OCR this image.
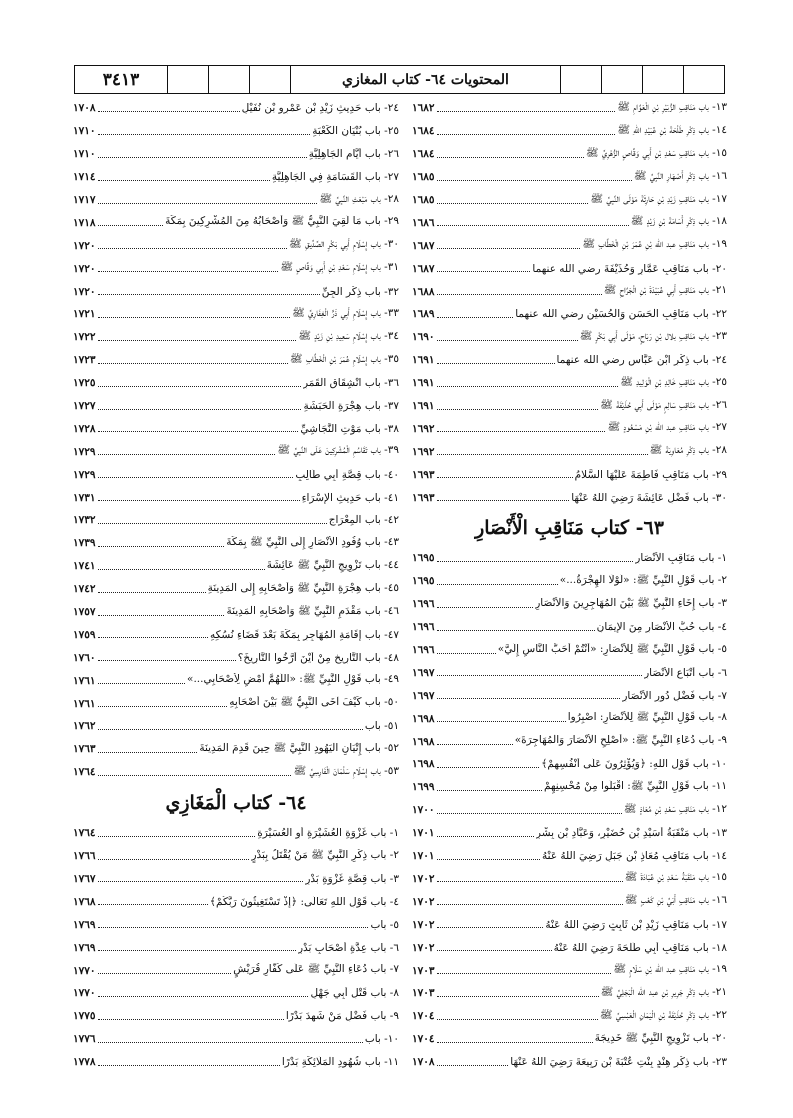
٣٤١٣	المحتويات ٦٤- كتاب المغازي
١٣- باب مَنَاقِبِ الزُّبَيْرِ بْنِ الْعَوَّامِ ﷺ
١٦٨٢
١٤- باب ذِكْرِ طَلْحَةَ بْنِ عُبَيْدِ اللهِ ﷺ
١٦٨٤
١٥- باب مَنَاقِبِ سَعْدِ بْنِ أَبِي وَقَّاصٍ الزُّهْرِيِّ ﷺ
١٦٨٤
١٦- باب ذِكْرِ أَصْهَارِ النَّبِيِّ ﷺ
١٦٨٥
١٧- باب مَنَاقِبِ زَيْدِ بْنِ حَارِثَةَ مَوْلَى النَّبِيِّ ﷺ
١٦٨٥
١٨- باب ذِكْرِ أُسَامَةَ بْنِ زَيْدٍ ﷺ
١٦٨٦
١٩- باب مَنَاقِبِ عبد الله بْنِ عُمَرَ بْنِ الْخَطَّابِ ﷺ
١٦٨٧
٢٠- باب مَنَاقِبِ عَمَّارٍ وَحُذَيْفَةَ رضي الله عنهما
١٦٨٧
٢١- باب مَنَاقِبِ أَبِي عُبَيْدَةَ بْنِ الْجَرَّاحِ ﷺ
١٦٨٨
٢٢- باب مَنَاقِبِ الْحَسَنِ وَالْحُسَيْنِ رضي الله عنهما
١٦٨٩
٢٣- باب مَنَاقِبِ بلال بْنِ رَبَاحٍ، مَوْلَى أَبِي بَكْرٍ ﷺ
١٦٩٠
٢٤- باب ذِكْرِ ابْنِ عَبَّاسٍ رضي الله عنهما
١٦٩١
٢٥- باب مَنَاقِبِ خَالِدِ بْنِ الْوَلِيدِ ﷺ
١٦٩١
٢٦- باب مَنَاقِبِ سَالِمٍ مَوْلَى أَبِي حُذَيْفَةَ ﷺ
١٦٩١
٢٧- باب مَنَاقِبِ عبد الله بْنِ مَسْعُودٍ ﷺ
١٦٩٢
٢٨- باب ذِكْرِ مُعَاوِيَةَ ﷺ
١٦٩٢
٢٩- باب مَنَاقِبِ فَاطِمَةَ عَلَيْهَا السَّلامُ
١٦٩٣
٣٠- باب فَضْلِ عَائِشَةَ رَضِيَ اللهُ عَنْهَا
١٦٩٣
٦٣- كتاب مَنَاقِبِ الْأَنْصَارِ
١- باب مَنَاقِبِ الْأَنْصَارِ
١٦٩٥
٢- باب قَوْلِ النَّبِيِّ ﷺ: «لَوْلَا الْهِجْرَةُ...»
١٦٩٥
٣- باب إِخَاءِ النَّبِيِّ ﷺ بَيْنَ الْمُهَاجِرِينَ وَالْأَنْصَارِ
١٦٩٦
٤- باب حُبُّ الْأَنْصَارِ مِنَ الإِيمَانِ
١٦٩٦
٥- باب قَوْلِ النَّبِيِّ ﷺ لِلْأَنْصَارِ: «أَنْتُمْ أَحَبُّ النَّاسِ إِلَيَّ»
١٦٩٦
٦- باب أَتْبَاعِ الْأَنْصَارِ
١٦٩٧
٧- باب فَضْلِ دُورِ الْأَنْصَارِ
١٦٩٧
٨- باب قَوْلِ النَّبِيِّ ﷺ لِلْأَنْصَارِ: اصْبِرُوا
١٦٩٨
٩- باب دُعَاءِ النَّبِيِّ ﷺ: «أَصْلِحِ الْأَنْصَارَ وَالْمُهَاجِرَةَ»
١٦٩٨
١٠- باب قَوْلِ اللهِ: ﴿وَيُؤْثِرُونَ عَلَى أَنْفُسِهِمْ﴾
١٦٩٨
١١- باب قَوْلِ النَّبِيِّ ﷺ: اقْبَلُوا مِنْ مُحْسِنِهِمْ
١٦٩٩
١٢- باب مَنَاقِبِ سَعْدِ بْنِ مُعَاذٍ ﷺ
١٧٠٠
١٣- باب مَنْقَبَةُ أُسَيْدِ بْنِ حُضَيْرٍ، وَعَبَّادِ بْنِ بِشْرٍ
١٧٠١
١٤- باب مَنَاقِبِ مُعَاذِ بْنِ جَبَلٍ رَضِيَ اللهُ عَنْهُ
١٧٠١
١٥- باب مَنْقَبَةُ سَعْدِ بْنِ عُبَادَةَ ﷺ
١٧٠٢
١٦- باب مَنَاقِبِ أُبَيِّ بْنِ كَعْبٍ ﷺ
١٧٠٢
١٧- باب مَنَاقِبِ زَيْدِ بْنِ ثَابِتٍ رَضِيَ اللهُ عَنْهُ
١٧٠٢
١٨- باب مَنَاقِبِ أَبِي طَلْحَةَ رَضِيَ اللهُ عَنْهُ
١٧٠٢
١٩- باب مَنَاقِبِ عبد الله بْنِ سَلَامٍ ﷺ
١٧٠٣
٢١- باب ذِكْرِ جَرِيرِ بْنِ عبد الله الْبَجَلِيِّ ﷺ
١٧٠٣
٢٢- باب ذِكْرِ حُذَيْفَةَ بْنِ الْيَمَانِ الْعَبْسِيِّ ﷺ
١٧٠٤
٢٠- باب تَزْوِيجِ النَّبِيِّ ﷺ خَدِيجَةَ
١٧٠٤
٢٣- باب ذِكْرِ هِنْدٍ بِنْتِ عُتْبَةَ بْنِ رَبِيعَةَ رَضِيَ اللهُ عَنْهَا
١٧٠٨
٢٤- باب حَدِيثِ زَيْدِ بْنِ عَمْرِو بْنِ نُفَيْلٍ
١٧٠٨
٢٥- باب بُنْيَانِ الْكَعْبَةِ
١٧١٠
٢٦- باب أَيَّامِ الْجَاهِلِيَّةِ
١٧١٠
٢٧- باب الْقَسَامَةِ فِي الْجَاهِلِيَّةِ
١٧١٤
٢٨- باب مَبْعَثِ النَّبِيِّ ﷺ
١٧١٧
٢٩- باب مَا لَقِيَ النَّبِيُّ ﷺ وَأَصْحَابُهُ مِنَ الْمُشْرِكِينَ بِمَكَّةَ
١٧١٨
٣٠- باب إِسْلَامِ أَبِي بَكْرٍ الصِّدِّيقِ ﷺ
١٧٢٠
٣١- باب إِسْلَامِ سَعْدِ بْنِ أَبِي وَقَّاصٍ ﷺ
١٧٢٠
٣٢- باب ذِكْرِ الْجِنِّ
١٧٢٠
٣٣- باب إِسْلَامِ أَبِي ذَرٍّ الْغِفَارِيِّ ﷺ
١٧٢١
٣٤- باب إِسْلَامِ سَعِيدِ بْنِ زَيْدٍ ﷺ
١٧٢٢
٣٥- باب إِسْلَامِ عُمَرَ بْنِ الْخَطَّابِ ﷺ
١٧٢٣
٣٦- باب انْشِقَاقِ الْقَمَرِ
١٧٢٥
٣٧- باب هِجْرَةِ الْحَبَشَةِ
١٧٢٧
٣٨- باب مَوْتِ النَّجَاشِيِّ
١٧٢٨
٣٩- باب تَقَاسُمِ الْمُشْرِكِينَ عَلَى النَّبِيِّ ﷺ
١٧٢٩
٤٠- باب قِصَّةِ أَبِي طَالِبٍ
١٧٢٩
٤١- باب حَدِيثِ الْإِسْرَاءِ
١٧٣١
٤٢- باب الْمِعْرَاجِ
١٧٣٢
٤٣- باب وُفُودِ الْأَنْصَارِ إِلَى النَّبِيِّ ﷺ بِمَكَّةَ
١٧٣٩
٤٤- باب تَزْوِيجِ النَّبِيِّ ﷺ عَائِشَةَ
١٧٤١
٤٥- باب هِجْرَةِ النَّبِيِّ ﷺ وَأَصْحَابِهِ إِلَى الْمَدِينَةِ
١٧٤٢
٤٦- باب مَقْدَمِ النَّبِيِّ ﷺ وَأَصْحَابِهِ الْمَدِينَةَ
١٧٥٧
٤٧- باب إِقَامَةِ الْمُهَاجِرِ بِمَكَّةَ بَعْدَ قَضَاءِ نُسُكِهِ
١٧٥٩
٤٨- باب التَّارِيخِ مِنْ أَيْنَ أَرَّخُوا التَّارِيخَ؟
١٧٦٠
٤٩- باب قَوْلِ النَّبِيِّ ﷺ: «اللَّهُمَّ أَمْضِ لِأَصْحَابِي...»
١٧٦١
٥٠- باب كَيْفَ آخَى النَّبِيُّ ﷺ بَيْنَ أَصْحَابِهِ
١٧٦١
٥١- باب
١٧٦٢
٥٢- باب إِتْيَانِ الْيَهُودِ النَّبِيَّ ﷺ حِينَ قَدِمَ الْمَدِينَةَ
١٧٦٣
٥٣- باب إِسْلَامِ سَلْمَانَ الْفَارِسِيِّ ﷺ
١٧٦٤
٦٤- كتاب الْمَغَازِي
١- باب غَزْوَةِ الْعُشَيْرَةِ أَوِ الْعُسَيْرَةِ
١٧٦٤
٢- باب ذِكْرِ النَّبِيِّ ﷺ مَنْ يُقْتَلُ بِبَدْرٍ
١٧٦٦
٣- باب قِصَّةِ غَزْوَةِ بَدْرٍ
١٧٦٧
٤- باب قَوْلِ اللهِ تَعَالَى: ﴿إِذْ تَسْتَغِيثُونَ رَبَّكُمْ﴾
١٧٦٨
٥- باب
١٧٦٩
٦- باب عِدَّةِ أَصْحَابِ بَدْرٍ
١٧٦٩
٧- باب دُعَاءِ النَّبِيِّ ﷺ عَلَى كُفَّارِ قُرَيْشٍ
١٧٧٠
٨- باب قَتْلِ أَبِي جَهْلٍ
١٧٧٠
٩- باب فَضْلِ مَنْ شَهِدَ بَدْرًا
١٧٧٥
١٠- باب
١٧٧٦
١١- باب شُهُودِ الْمَلَائِكَةِ بَدْرًا
١٧٧٨
